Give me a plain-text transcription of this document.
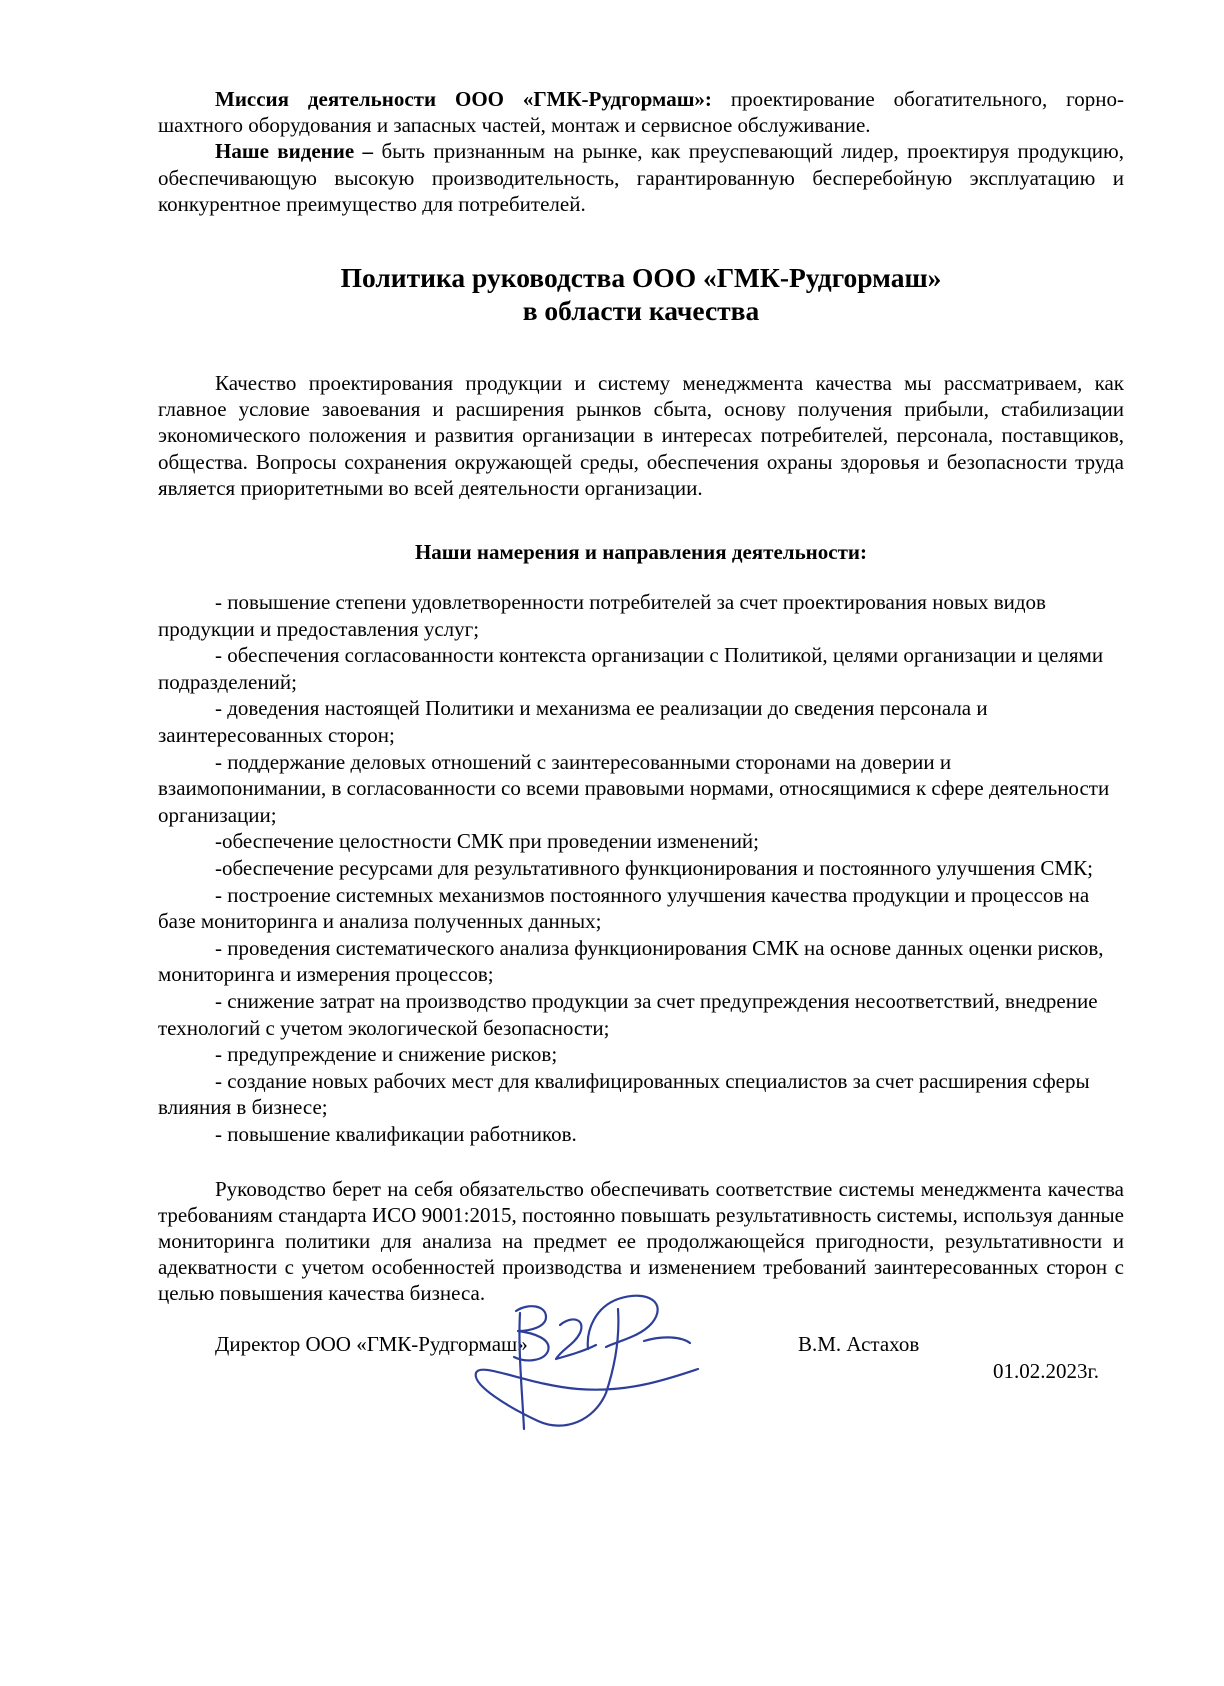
Миссия деятельности ООО «ГМК-Рудгормаш»: проектирование обогатительного, горно-шахтного оборудования и запасных частей, монтаж и сервисное обслуживание.

Наше видение – быть признанным на рынке, как преуспевающий лидер, проектируя продукцию, обеспечивающую высокую производительность, гарантированную бесперебойную эксплуатацию и конкурентное преимущество для потребителей.

Политика руководства ООО «ГМК-Рудгормаш»
в области качества

Качество проектирования продукции и систему менеджмента качества мы рассматриваем, как главное условие завоевания и расширения рынков сбыта, основу получения прибыли, стабилизации экономического положения и развития организации в интересах потребителей, персонала, поставщиков, общества. Вопросы сохранения окружающей среды, обеспечения охраны здоровья и безопасности труда является приоритетными во всей деятельности организации.

Наши намерения и направления деятельности:
- повышение степени удовлетворенности потребителей за счет проектирования новых видов продукции и предоставления услуг;
- обеспечения согласованности контекста организации с Политикой, целями организации и целями подразделений;
- доведения настоящей Политики и механизма ее реализации до сведения персонала и заинтересованных сторон;
- поддержание деловых отношений с заинтересованными сторонами на доверии и взаимопонимании, в согласованности со всеми правовыми нормами, относящимися к сфере деятельности организации;
-обеспечение целостности СМК при проведении изменений;
-обеспечение ресурсами для результативного функционирования и постоянного улучшения СМК;
- построение системных механизмов постоянного улучшения качества продукции и процессов на базе мониторинга и анализа полученных данных;
- проведения систематического анализа функционирования СМК на основе данных оценки рисков, мониторинга и измерения процессов;
- снижение затрат на производство продукции за счет предупреждения несоответствий, внедрение технологий с учетом экологической безопасности;
- предупреждение и снижение рисков;
- создание новых рабочих мест для квалифицированных специалистов за счет расширения сферы влияния в бизнесе;
- повышение квалификации работников.

Руководство берет на себя обязательство обеспечивать соответствие системы менеджмента качества требованиям стандарта ИСО 9001:2015, постоянно повышать результативность системы, используя данные мониторинга политики для анализа на предмет ее продолжающейся пригодности, результативности и адекватности с учетом особенностей производства и изменением требований заинтересованных сторон с целью повышения качества бизнеса.

Директор ООО «ГМК-Рудгормаш»	В.М. Астахов
01.02.2023г.
